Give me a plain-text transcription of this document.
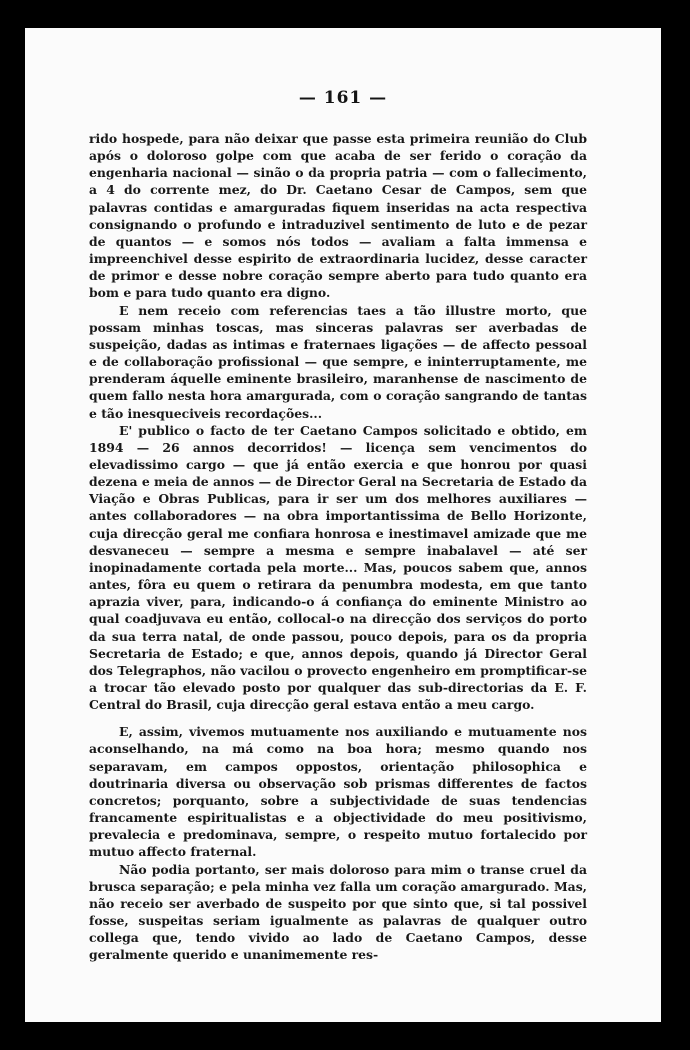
— 161 —

rido hospede, para não deixar que passe esta primeira reunião do Club após o doloroso golpe com que acaba de ser ferido o coração da engenharia nacional — sinão o da propria patria — com o fallecimento, a 4 do corrente mez, do Dr. Caetano Cesar de Campos, sem que palavras contidas e amarguradas fiquem inseridas na acta respectiva consignando o profundo e intraduzivel sentimento de luto e de pezar de quantos — e somos nós todos — avaliam a falta immensa e impreenchivel desse espirito de extraordinaria lucidez, desse caracter de primor e desse nobre coração sempre aberto para tudo quanto era bom e para tudo quanto era digno.

E nem receio com referencias taes a tão illustre morto, que possam minhas toscas, mas sinceras palavras ser averbadas de suspeição, dadas as intimas e fraternaes ligações — de affecto pessoal e de collaboração profissional — que sempre, e ininterruptamente, me prenderam áquelle eminente brasileiro, maranhense de nascimento de quem fallo nesta hora amargurada, com o coração sangrando de tantas e tão inesqueciveis recordações...

E' publico o facto de ter Caetano Campos solicitado e obtido, em 1894 — 26 annos decorridos! — licença sem vencimentos do elevadissimo cargo — que já então exercia e que honrou por quasi dezena e meia de annos — de Director Geral na Secretaria de Estado da Viação e Obras Publicas, para ir ser um dos melhores auxiliares — antes collaboradores — na obra importantissima de Bello Horizonte, cuja direcção geral me confiara honrosa e inestimavel amizade que me desvaneceu — sempre a mesma e sempre inabalavel — até ser inopinadamente cortada pela morte... Mas, poucos sabem que, annos antes, fôra eu quem o retirara da penumbra modesta, em que tanto aprazia viver, para, indicando-o á confiança do eminente Ministro ao qual coadjuvava eu então, collocal-o na direcção dos serviços do porto da sua terra natal, de onde passou, pouco depois, para os da propria Secretaria de Estado; e que, annos depois, quando já Director Geral dos Telegraphos, não vacilou o provecto engenheiro em promptificar-se a trocar tão elevado posto por qualquer das sub-directorias da E. F. Central do Brasil, cuja direcção geral estava então a meu cargo.

E, assim, vivemos mutuamente nos auxiliando e mutuamente nos aconselhando, na má como na boa hora; mesmo quando nos separavam, em campos oppostos, orientação philosophica e doutrinaria diversa ou observação sob prismas differentes de factos concretos; porquanto, sobre a subjectividade de suas tendencias francamente espiritualistas e a objectividade do meu positivismo, prevalecia e predominava, sempre, o respeito mutuo fortalecido por mutuo affecto fraternal.

Não podia portanto, ser mais doloroso para mim o transe cruel da brusca separação; e pela minha vez falla um coração amargurado. Mas, não receio ser averbado de suspeito por que sinto que, si tal possivel fosse, suspeitas seriam igualmente as palavras de qualquer outro collega que, tendo vivido ao lado de Caetano Campos, desse geralmente querido e unanimemente res-
